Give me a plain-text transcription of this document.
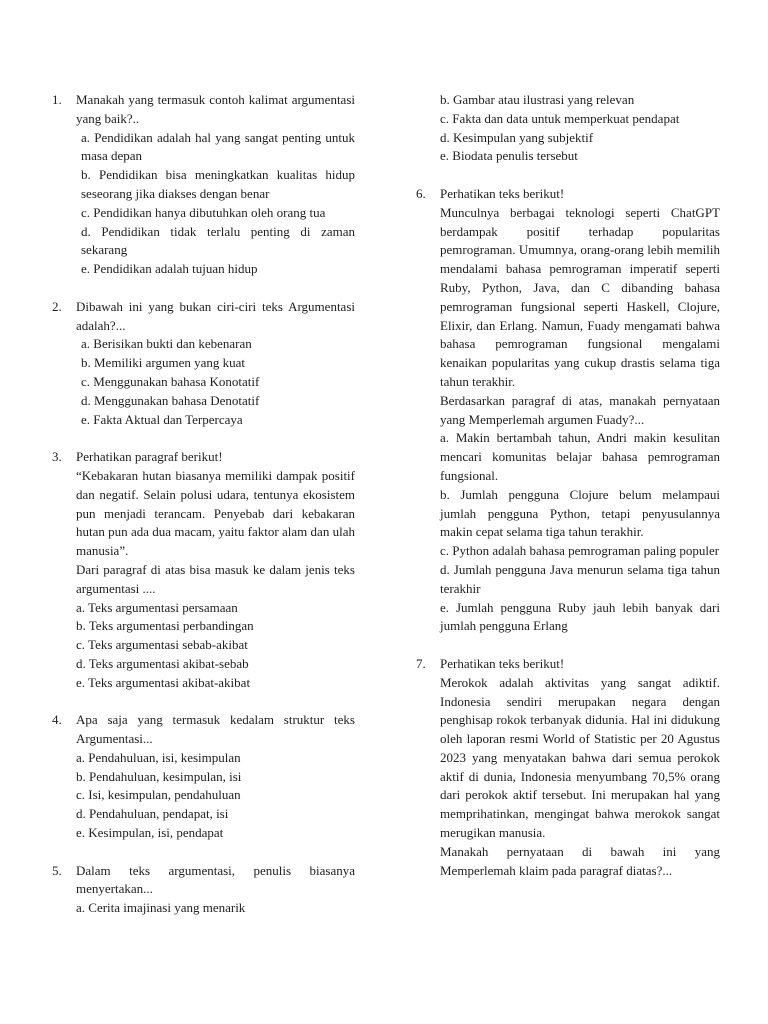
1.	Manakah yang termasuk contoh kalimat argumentasi yang baik?..
a. Pendidikan adalah hal yang sangat penting untuk masa depan
b. Pendidikan bisa meningkatkan kualitas hidup seseorang jika diakses dengan benar
c. Pendidikan hanya dibutuhkan oleh orang tua
d. Pendidikan tidak terlalu penting di zaman sekarang
e. Pendidikan adalah tujuan hidup
2.	Dibawah ini yang bukan ciri-ciri teks Argumentasi adalah?...
a. Berisikan bukti dan kebenaran
b. Memiliki argumen yang kuat
c. Menggunakan bahasa Konotatif
d. Menggunakan bahasa Denotatif
e. Fakta Aktual dan Terpercaya
3.	Perhatikan paragraf berikut!
“Kebakaran hutan biasanya memiliki dampak positif dan negatif. Selain polusi udara, tentunya ekosistem pun menjadi terancam. Penyebab dari kebakaran hutan pun ada dua macam, yaitu faktor alam dan ulah manusia”.
Dari paragraf di atas bisa masuk ke dalam jenis teks argumentasi ....
a. Teks argumentasi persamaan
b. Teks argumentasi perbandingan
c. Teks argumentasi sebab-akibat
d. Teks argumentasi akibat-sebab
e. Teks argumentasi akibat-akibat
4.	Apa saja yang termasuk kedalam struktur teks Argumentasi...
a. Pendahuluan, isi, kesimpulan
b. Pendahuluan, kesimpulan, isi
c. Isi, kesimpulan, pendahuluan
d. Pendahuluan, pendapat, isi
e. Kesimpulan, isi, pendapat
5.	Dalam teks argumentasi, penulis biasanya menyertakan...
a. Cerita imajinasi yang menarik
b. Gambar atau ilustrasi yang relevan
c. Fakta dan data untuk memperkuat pendapat
d. Kesimpulan yang subjektif
e. Biodata penulis tersebut
6.	Perhatikan teks berikut!
Munculnya berbagai teknologi seperti ChatGPT berdampak positif terhadap popularitas pemrograman. Umumnya, orang-orang lebih memilih mendalami bahasa pemrograman imperatif seperti Ruby, Python, Java, dan C dibanding bahasa pemrograman fungsional seperti Haskell, Clojure, Elixir, dan Erlang. Namun, Fuady mengamati bahwa bahasa pemrograman fungsional mengalami kenaikan popularitas yang cukup drastis selama tiga tahun terakhir.
Berdasarkan paragraf di atas, manakah pernyataan yang Memperlemah argumen Fuady?...
a. Makin bertambah tahun, Andri makin kesulitan mencari komunitas belajar bahasa pemrograman fungsional.
b. Jumlah pengguna Clojure belum melampaui jumlah pengguna Python, tetapi penyusulannya makin cepat selama tiga tahun terakhir.
c. Python adalah bahasa pemrograman paling populer
d. Jumlah pengguna Java menurun selama tiga tahun terakhir
e. Jumlah pengguna Ruby jauh lebih banyak dari jumlah pengguna Erlang
7.	Perhatikan teks berikut!
Merokok adalah aktivitas yang sangat adiktif. Indonesia sendiri merupakan negara dengan penghisap rokok terbanyak didunia. Hal ini didukung oleh laporan resmi World of Statistic per 20 Agustus 2023 yang menyatakan bahwa dari semua perokok aktif di dunia, Indonesia menyumbang 70,5% orang dari perokok aktif tersebut. Ini merupakan hal yang memprihatinkan, mengingat bahwa merokok sangat merugikan manusia.
Manakah pernyataan di bawah ini yang Memperlemah klaim pada paragraf diatas?...
